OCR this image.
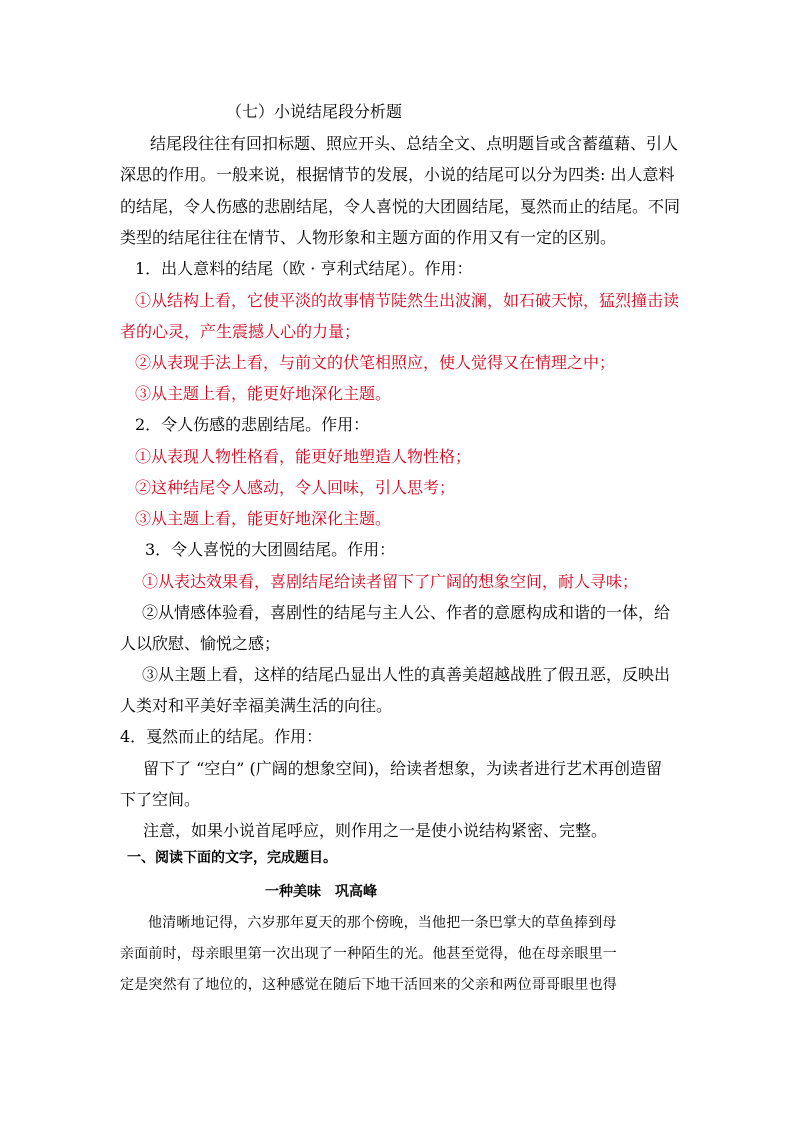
（七）小说结尾段分析题
结尾段往往有回扣标题、照应开头、总结全文、点明题旨或含蓄蕴藉、引人
深思的作用。一般来说，根据情节的发展，小说的结尾可以分为四类: 出人意料
的结尾，令人伤感的悲剧结尾，令人喜悦的大团圆结尾，戛然而止的结尾。不同
类型的结尾往往在情节、人物形象和主题方面的作用又有一定的区别。
1．出人意料的结尾（欧 · 亨利式结尾）。作用：
①从结构上看，它使平淡的故事情节陡然生出波澜，如石破天惊，猛烈撞击读
者的心灵，产生震撼人心的力量；
②从表现手法上看，与前文的伏笔相照应，使人觉得又在情理之中；
③从主题上看，能更好地深化主题。
2．令人伤感的悲剧结尾。作用：
①从表现人物性格看，能更好地塑造人物性格；
②这种结尾令人感动，令人回味，引人思考；
③从主题上看，能更好地深化主题。
3．令人喜悦的大团圆结尾。作用：
①从表达效果看，喜剧结尾给读者留下了广阔的想象空间，耐人寻味；
②从情感体验看，喜剧性的结尾与主人公、作者的意愿构成和谐的一体，给
人以欣慰、愉悦之感；
③从主题上看，这样的结尾凸显出人性的真善美超越战胜了假丑恶，反映出
人类对和平美好幸福美满生活的向往。
4．戛然而止的结尾。作用：
留下了 “空白” (广阔的想象空间)，给读者想象，为读者进行艺术再创造留
下了空间。
注意，如果小说首尾呼应，则作用之一是使小说结构紧密、完整。
一、阅读下面的文字，完成题目。
一种美味　巩高峰
他清晰地记得，六岁那年夏天的那个傍晚，当他把一条巴掌大的草鱼捧到母
亲面前时，母亲眼里第一次出现了一种陌生的光。他甚至觉得，他在母亲眼里一
定是突然有了地位的，这种感觉在随后下地干活回来的父亲和两位哥哥眼里也得
